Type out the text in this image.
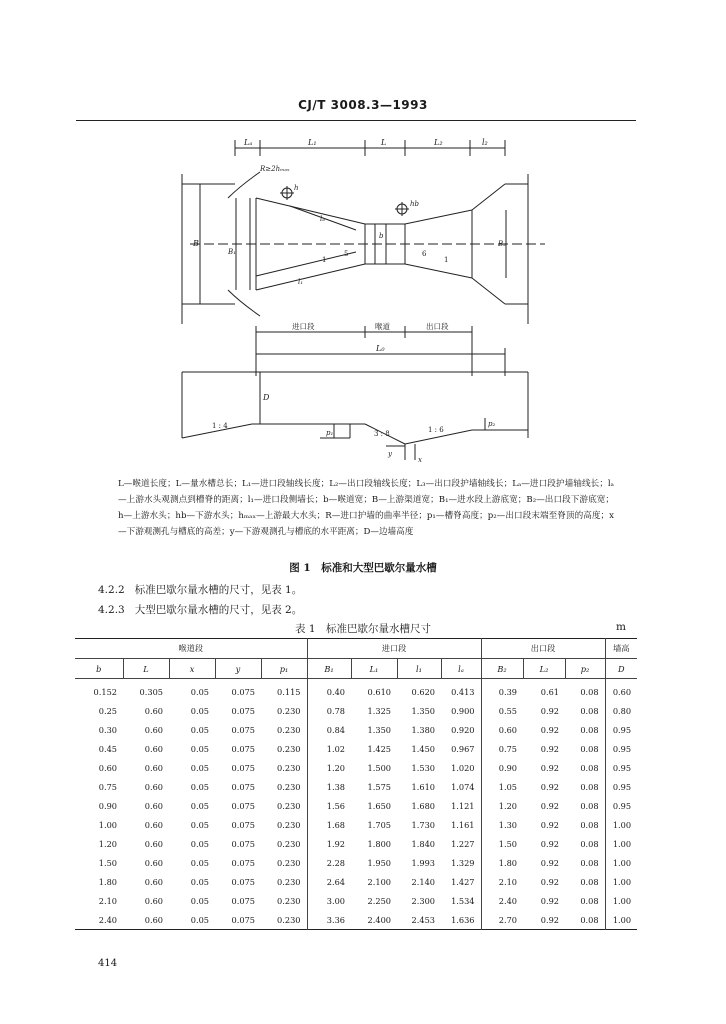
CJ/T 3008.3—1993
Lₐ	L₁	L	L₂	l₂
R≥2hₘₐₓ
h
hb
lₐ
l₁
b
B
B₁
B₂
1
5	6
1
进口段	喉道	出口段
L₀
D
1 : 4
p₁
y
x
3 : 8	1 : 6
p₂
L—喉道长度；L—量水槽总长；L₁—进口段轴线长度；L₂—出口段轴线长度；L₃—出口段护墙轴线长；Lₐ—进口段护墙轴线长；lₐ—上游水头观测点到槽脊的距离；l₁—进口段侧墙长；b—喉道宽；B—上游渠道宽；B₁—进水段上游底宽；B₂—出口段下游底宽；h—上游水头；hb—下游水头；hₘₐₓ—上游最大水头；R—进口护墙的曲率半径；p₁—槽脊高度；p₂—出口段末端至脊顶的高度；x—下游观测孔与槽底的高差；y—下游观测孔与槽底的水平距离；D—边墙高度
图 1　标准和大型巴歇尔量水槽
4.2.2 标准巴歇尔量水槽的尺寸，见表 1。
4.2.3 大型巴歇尔量水槽的尺寸，见表 2。
表 1　标准巴歇尔量水槽尺寸	m
喉道段					进口段				出口段			墙高
b	L	x	y	p₁	B₁	L₁	l₁	lₐ	B₂	L₂	p₂	D
0.152	0.305	0.05	0.075	0.115	0.40	0.610	0.620	0.413	0.39	0.61	0.08	0.60
0.25	0.60	0.05	0.075	0.230	0.78	1.325	1.350	0.900	0.55	0.92	0.08	0.80
0.30	0.60	0.05	0.075	0.230	0.84	1.350	1.380	0.920	0.60	0.92	0.08	0.95
0.45	0.60	0.05	0.075	0.230	1.02	1.425	1.450	0.967	0.75	0.92	0.08	0.95
0.60	0.60	0.05	0.075	0.230	1.20	1.500	1.530	1.020	0.90	0.92	0.08	0.95
0.75	0.60	0.05	0.075	0.230	1.38	1.575	1.610	1.074	1.05	0.92	0.08	0.95
0.90	0.60	0.05	0.075	0.230	1.56	1.650	1.680	1.121	1.20	0.92	0.08	0.95
1.00	0.60	0.05	0.075	0.230	1.68	1.705	1.730	1.161	1.30	0.92	0.08	1.00
1.20	0.60	0.05	0.075	0.230	1.92	1.800	1.840	1.227	1.50	0.92	0.08	1.00
1.50	0.60	0.05	0.075	0.230	2.28	1.950	1.993	1.329	1.80	0.92	0.08	1.00
1.80	0.60	0.05	0.075	0.230	2.64	2.100	2.140	1.427	2.10	0.92	0.08	1.00
2.10	0.60	0.05	0.075	0.230	3.00	2.250	2.300	1.534	2.40	0.92	0.08	1.00
2.40	0.60	0.05	0.075	0.230	3.36	2.400	2.453	1.636	2.70	0.92	0.08	1.00
414
